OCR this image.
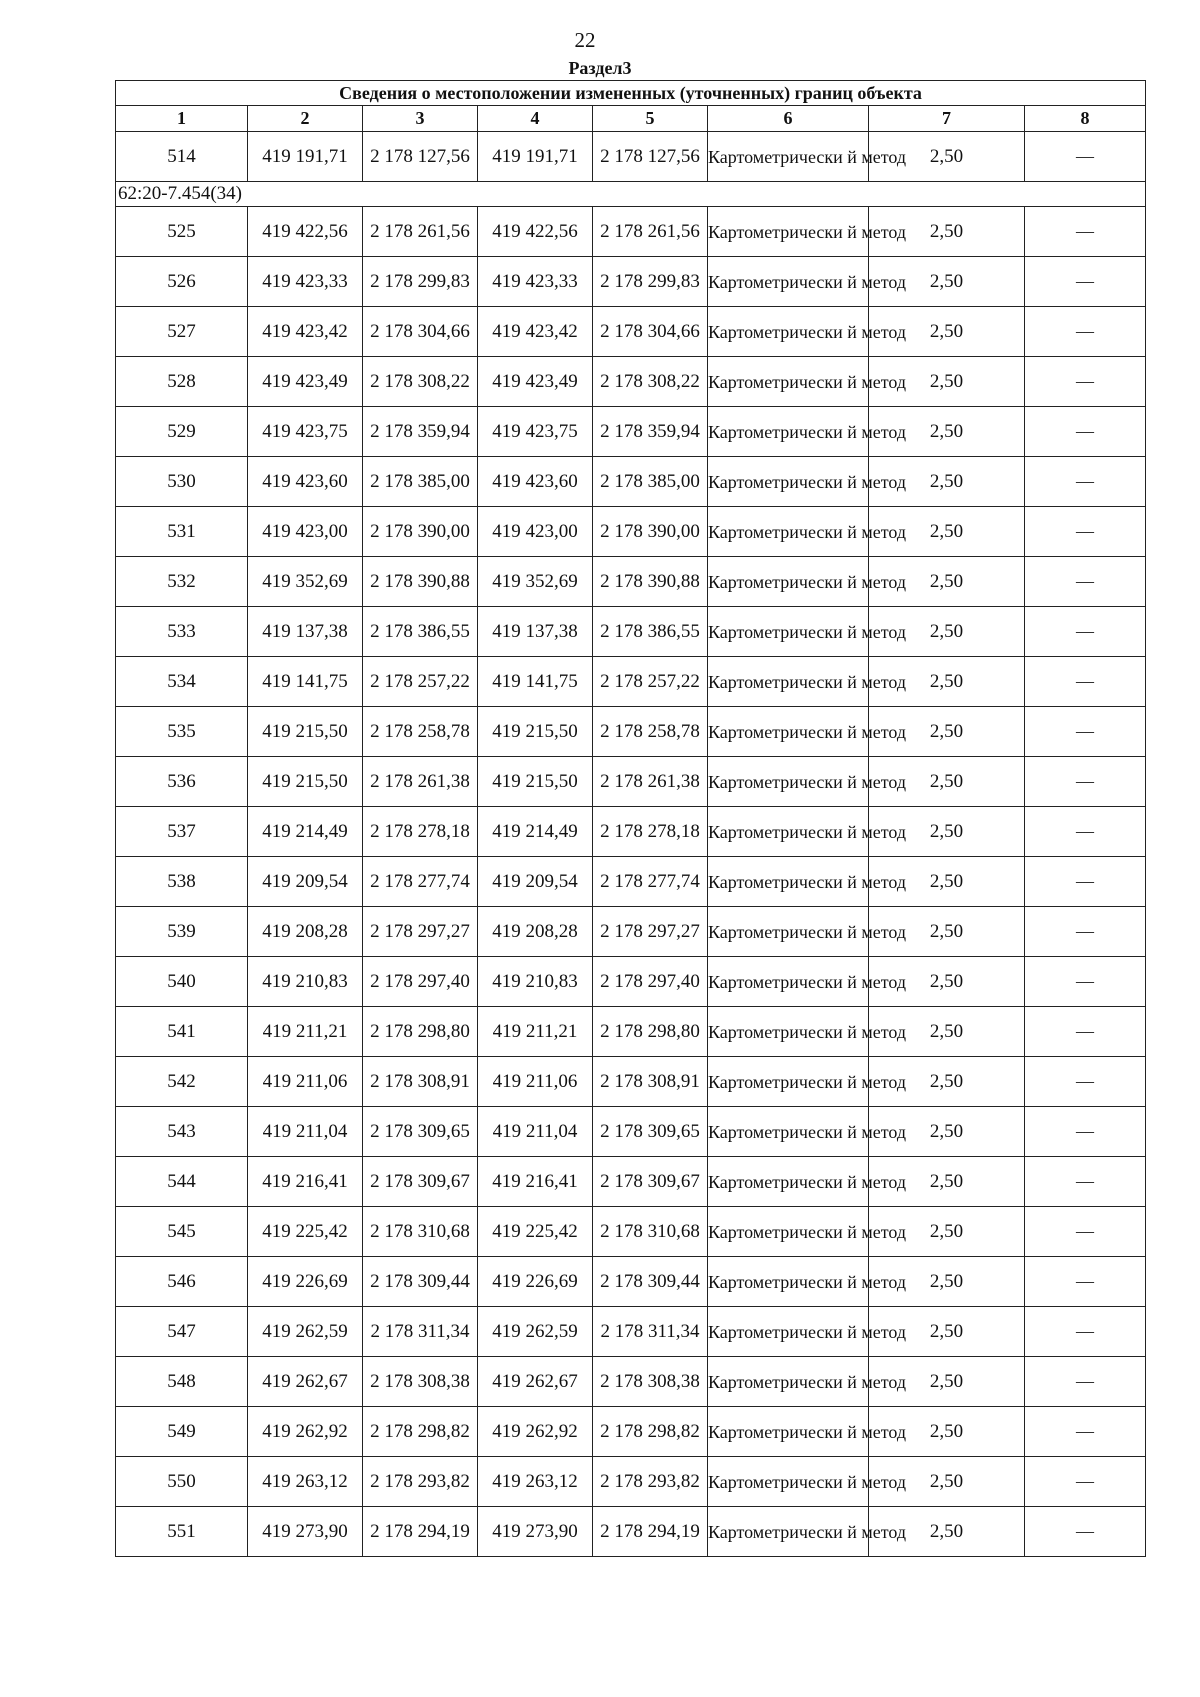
22
Раздел3
Сведения о местоположении измененных (уточненных) границ объекта							
1	2	3	4	5	6	7	8
514	419 191,71	2 178 127,56	419 191,71	2 178 127,56	Картометрически й метод	2,50	—
62:20-7.454(34)							
525	419 422,56	2 178 261,56	419 422,56	2 178 261,56	Картометрически й метод	2,50	—
526	419 423,33	2 178 299,83	419 423,33	2 178 299,83	Картометрически й метод	2,50	—
527	419 423,42	2 178 304,66	419 423,42	2 178 304,66	Картометрически й метод	2,50	—
528	419 423,49	2 178 308,22	419 423,49	2 178 308,22	Картометрически й метод	2,50	—
529	419 423,75	2 178 359,94	419 423,75	2 178 359,94	Картометрически й метод	2,50	—
530	419 423,60	2 178 385,00	419 423,60	2 178 385,00	Картометрически й метод	2,50	—
531	419 423,00	2 178 390,00	419 423,00	2 178 390,00	Картометрически й метод	2,50	—
532	419 352,69	2 178 390,88	419 352,69	2 178 390,88	Картометрически й метод	2,50	—
533	419 137,38	2 178 386,55	419 137,38	2 178 386,55	Картометрически й метод	2,50	—
534	419 141,75	2 178 257,22	419 141,75	2 178 257,22	Картометрически й метод	2,50	—
535	419 215,50	2 178 258,78	419 215,50	2 178 258,78	Картометрически й метод	2,50	—
536	419 215,50	2 178 261,38	419 215,50	2 178 261,38	Картометрически й метод	2,50	—
537	419 214,49	2 178 278,18	419 214,49	2 178 278,18	Картометрически й метод	2,50	—
538	419 209,54	2 178 277,74	419 209,54	2 178 277,74	Картометрически й метод	2,50	—
539	419 208,28	2 178 297,27	419 208,28	2 178 297,27	Картометрически й метод	2,50	—
540	419 210,83	2 178 297,40	419 210,83	2 178 297,40	Картометрически й метод	2,50	—
541	419 211,21	2 178 298,80	419 211,21	2 178 298,80	Картометрически й метод	2,50	—
542	419 211,06	2 178 308,91	419 211,06	2 178 308,91	Картометрически й метод	2,50	—
543	419 211,04	2 178 309,65	419 211,04	2 178 309,65	Картометрически й метод	2,50	—
544	419 216,41	2 178 309,67	419 216,41	2 178 309,67	Картометрически й метод	2,50	—
545	419 225,42	2 178 310,68	419 225,42	2 178 310,68	Картометрически й метод	2,50	—
546	419 226,69	2 178 309,44	419 226,69	2 178 309,44	Картометрически й метод	2,50	—
547	419 262,59	2 178 311,34	419 262,59	2 178 311,34	Картометрически й метод	2,50	—
548	419 262,67	2 178 308,38	419 262,67	2 178 308,38	Картометрически й метод	2,50	—
549	419 262,92	2 178 298,82	419 262,92	2 178 298,82	Картометрически й метод	2,50	—
550	419 263,12	2 178 293,82	419 263,12	2 178 293,82	Картометрически й метод	2,50	—
551	419 273,90	2 178 294,19	419 273,90	2 178 294,19	Картометрически й метод	2,50	—
